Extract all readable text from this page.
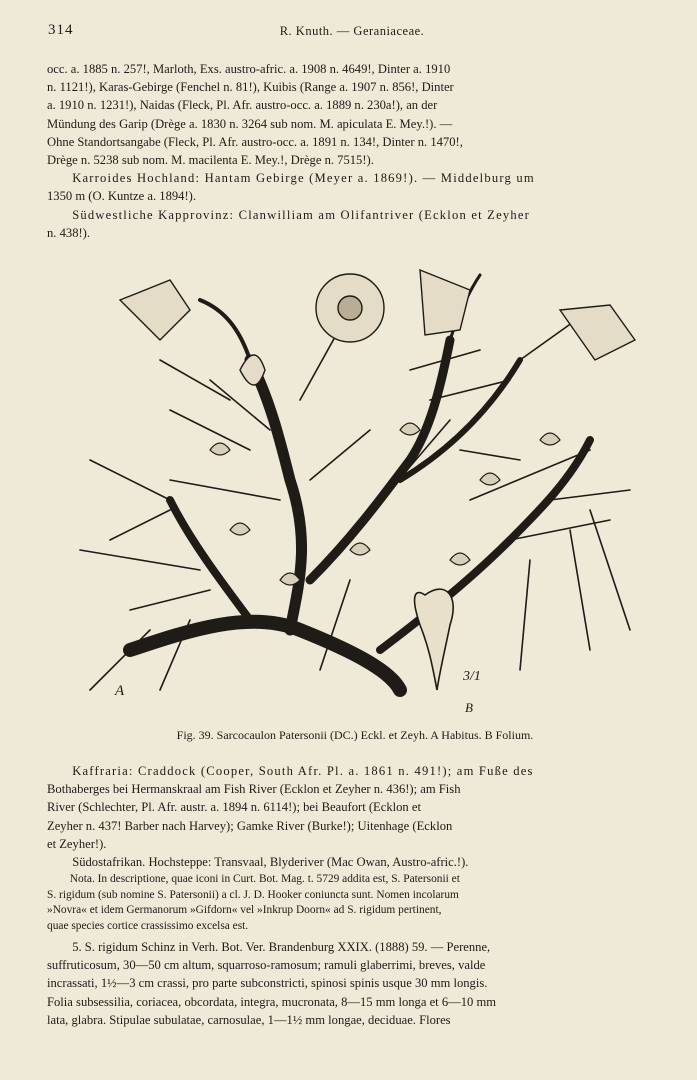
314	R. Knuth. — Geraniaceae.
occ. a. 1885 n. 257!, Marloth, Exs. austro-afric. a. 1908 n. 4649!, Dinter a. 1910
n. 1121!), Karas-Gebirge (Fenchel n. 81!), Kuibis (Range a. 1907 n. 856!, Dinter
a. 1910 n. 1231!), Naidas (Fleck, Pl. Afr. austro-occ. a. 1889 n. 230a!), an der
Mündung des Garip (Drège a. 1830 n. 3264 sub nom. M. apiculata E. Mey.!). —
Ohne Standortsangabe (Fleck, Pl. Afr. austro-occ. a. 1891 n. 134!, Dinter n. 1470!,
Drège n. 5238 sub nom. M. macilenta E. Mey.!, Drège n. 7515!).
Karroides Hochland: Hantam Gebirge (Meyer a. 1869!). — Middelburg um
1350 m (O. Kuntze a. 1894!).
Südwestliche Kapprovinz: Clanwilliam am Olifantriver (Ecklon et Zeyher
n. 438!).
A
B
3/1
Fig. 39. Sarcocaulon Patersonii (DC.) Eckl. et Zeyh. A Habitus. B Folium.
Kaffraria: Craddock (Cooper, South Afr. Pl. a. 1861 n. 491!); am Fuße des
Bothaberges bei Hermanskraal am Fish River (Ecklon et Zeyher n. 436!); am Fish
River (Schlechter, Pl. Afr. austr. a. 1894 n. 6114!); bei Beaufort (Ecklon et
Zeyher n. 437! Barber nach Harvey); Gamke River (Burke!); Uitenhage (Ecklon
et Zeyher!).
Südostafrikan. Hochsteppe: Transvaal, Blyderiver (Mac Owan, Austro-afric.!).
Nota. In descriptione, quae iconi in Curt. Bot. Mag. t. 5729 addita est, S. Patersonii et
S. rigidum (sub nomine S. Patersonii) a cl. J. D. Hooker coniuncta sunt. Nomen incolarum
»Novra« et idem Germanorum »Gifdorn« vel »Inkrup Doorn« ad S. rigidum pertinent,
quae species cortice crassissimo excelsa est.
5. S. rigidum Schinz in Verh. Bot. Ver. Brandenburg XXIX. (1888) 59. — Perenne,
suffruticosum, 30—50 cm altum, squarroso-ramosum; ramuli glaberrimi, breves, valde
incrassati, 1½—3 cm crassi, pro parte subconstricti, spinosi spinis usque 30 mm longis.
Folia subsessilia, coriacea, obcordata, integra, mucronata, 8—15 mm longa et 6—10 mm
lata, glabra. Stipulae subulatae, carnosulae, 1—1½ mm longae, deciduae. Flores
